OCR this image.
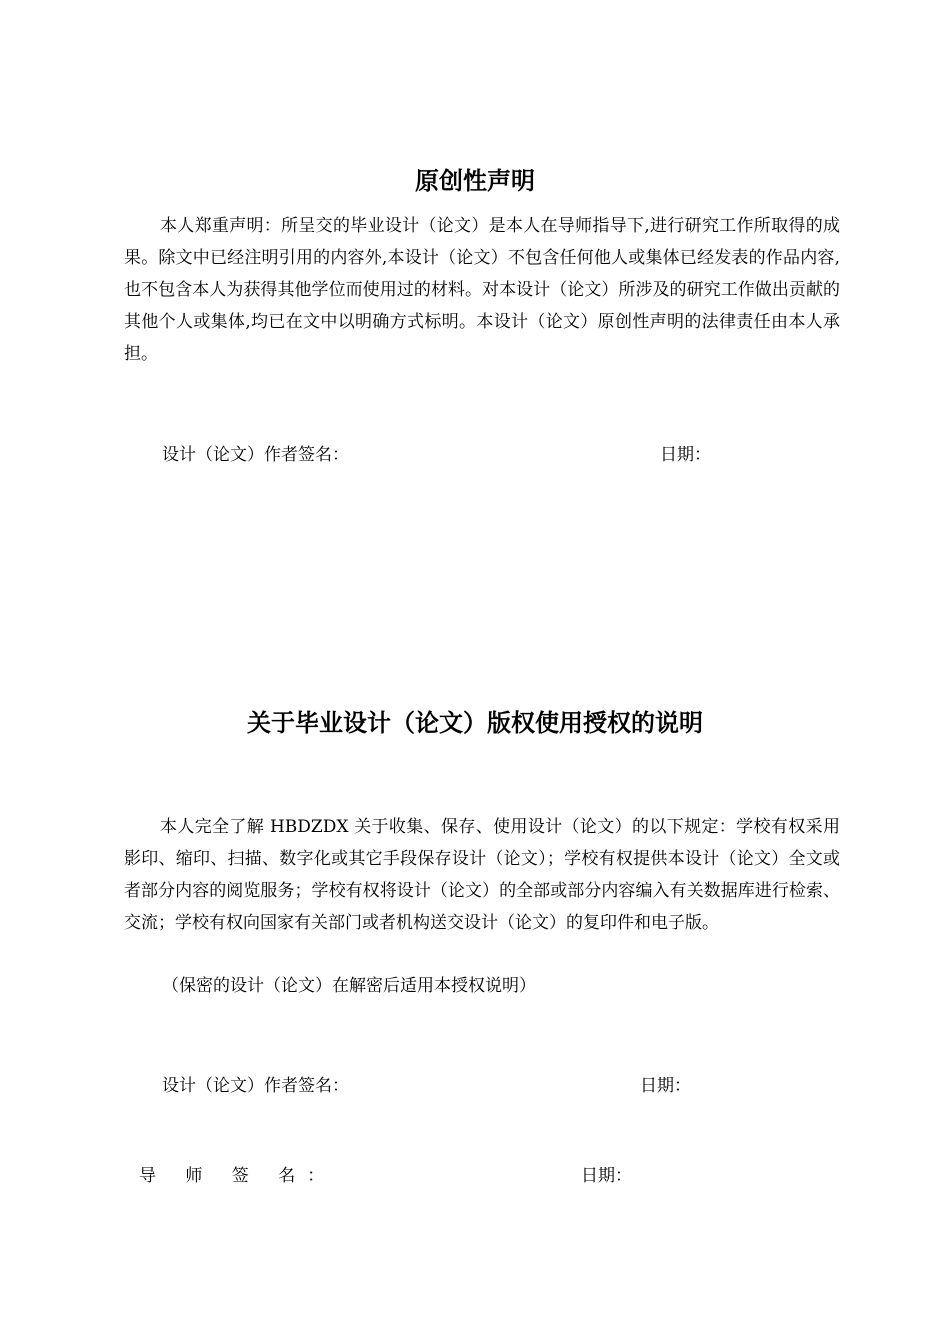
原创性声明

本人郑重声明：所呈交的毕业设计（论文）是本人在导师指导下,进行研究工作所取得的成果。除文中已经注明引用的内容外,本设计（论文）不包含任何他人或集体已经发表的作品内容,也不包含本人为获得其他学位而使用过的材料。对本设计（论文）所涉及的研究工作做出贡献的其他个人或集体,均已在文中以明确方式标明。本设计（论文）原创性声明的法律责任由本人承担。

设计（论文）作者签名：	日期：
关于毕业设计（论文）版权使用授权的说明

本人完全了解 HBDZDX 关于收集、保存、使用设计（论文）的以下规定：学校有权采用影印、缩印、扫描、数字化或其它手段保存设计（论文）；学校有权提供本设计（论文）全文或者部分内容的阅览服务；学校有权将设计（论文）的全部或部分内容编入有关数据库进行检索、交流；学校有权向国家有关部门或者机构送交设计（论文）的复印件和电子版。

（保密的设计（论文）在解密后适用本授权说明）
设计（论文）作者签名：	日期：
导 师 签 名：	日期：
